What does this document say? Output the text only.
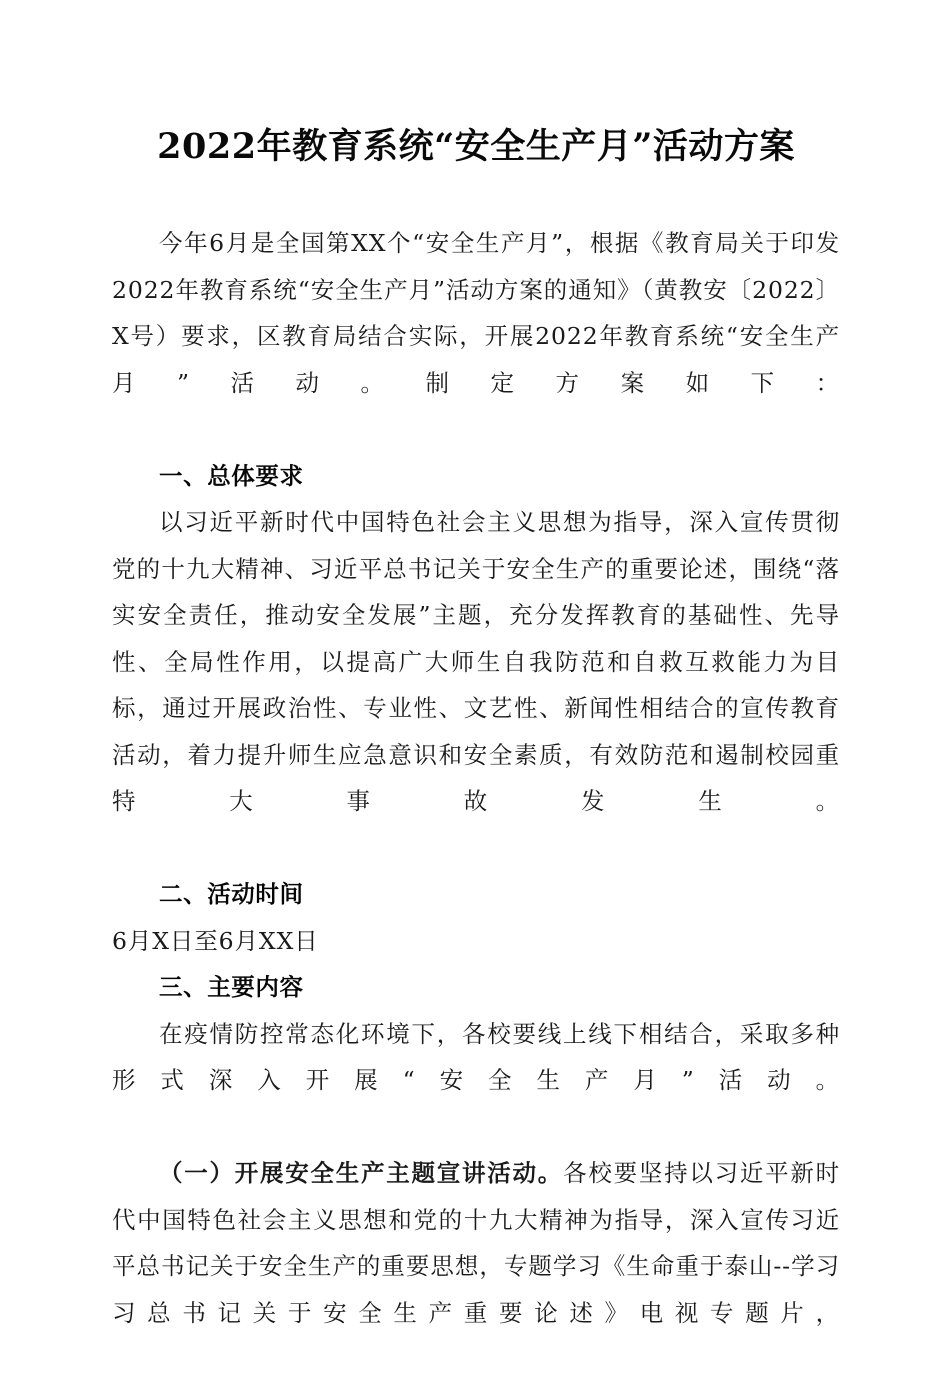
2022年教育系统“安全生产月”活动方案

今年6月是全国第XX个“安全生产月”，根据《教育局关于印发2022年教育系统“安全生产月”活动方案的通知》（黄教安〔2022〕X号）要求，区教育局结合实际，开展2022年教育系统“安全生产月”活动。制定方案如下：

一、总体要求

以习近平新时代中国特色社会主义思想为指导，深入宣传贯彻党的十九大精神、习近平总书记关于安全生产的重要论述，围绕“落实安全责任，推动安全发展”主题，充分发挥教育的基础性、先导性、全局性作用，以提高广大师生自我防范和自救互救能力为目标，通过开展政治性、专业性、文艺性、新闻性相结合的宣传教育活动，着力提升师生应急意识和安全素质，有效防范和遏制校园重特大事故发生。

二、活动时间

6月X日至6月XX日

三、主要内容

在疫情防控常态化环境下，各校要线上线下相结合，采取多种形式深入开展“安全生产月”活动。

（一）开展安全生产主题宣讲活动。各校要坚持以习近平新时代中国特色社会主义思想和党的十九大精神为指导，深入宣传习近平总书记关于安全生产的重要思想，专题学习《生命重于泰山--学习习总书记关于安全生产重要论述》电视专题片，
